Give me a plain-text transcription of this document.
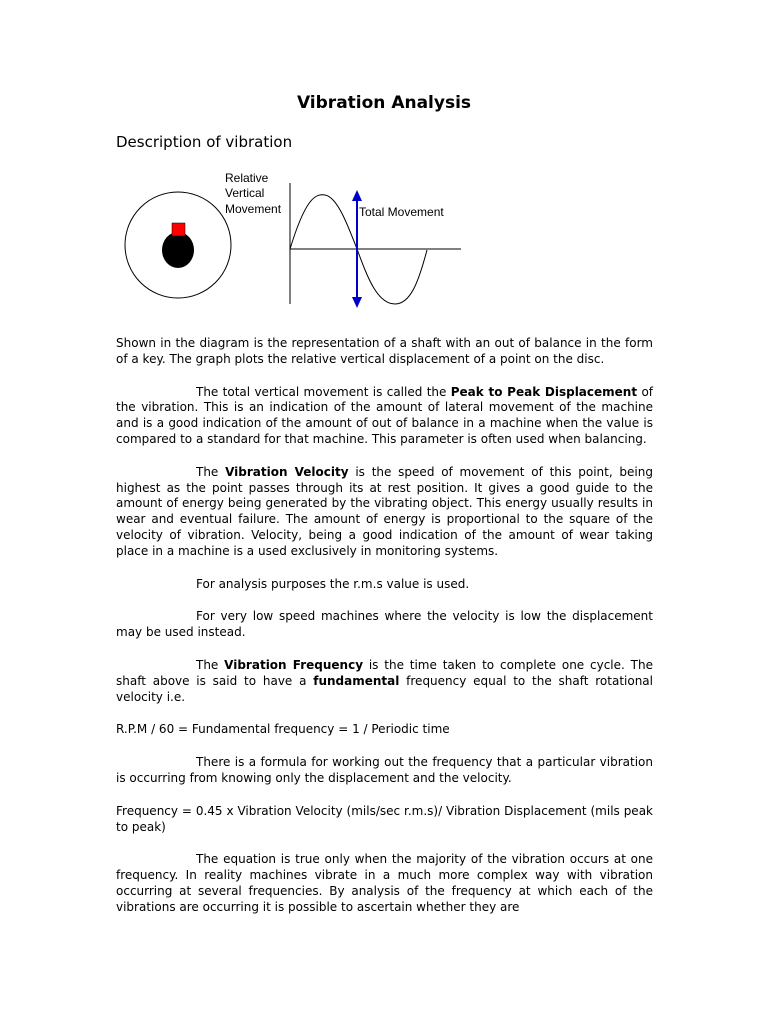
Vibration Analysis
Description of vibration
Relative
Vertical
Movement	Total Movement

Shown in the diagram is the representation of a shaft with an out of balance in the form of a key. The graph plots the relative vertical displacement of a point on the disc.

The total vertical movement is called the Peak to Peak Displacement of the vibration. This is an indication of the amount of lateral movement of the machine and is a good indication of the amount of out of balance in a machine when the value is compared to a standard for that machine. This parameter is often used when balancing.

The Vibration Velocity is the speed of movement of this point, being highest as the point passes through its at rest position. It gives a good guide to the amount of energy being generated by the vibrating object. This energy usually results in wear and eventual failure. The amount of energy is proportional to the square of the velocity of vibration. Velocity, being a good indication of the amount of wear taking place in a machine is a used exclusively in monitoring systems.

For analysis purposes the r.m.s value is used.

For very low speed machines where the velocity is low the displacement may be used instead.

The Vibration Frequency is the time taken to complete one cycle. The shaft above is said to have a fundamental frequency equal to the shaft rotational velocity i.e.

R.P.M / 60 = Fundamental frequency = 1 / Periodic time

There is a formula for working out the frequency that a particular vibration is occurring from knowing only the displacement and the velocity.

Frequency = 0.45 x Vibration Velocity (mils/sec r.m.s)/ Vibration Displacement (mils peak to peak)

The equation is true only when the majority of the vibration occurs at one frequency. In reality machines vibrate in a much more complex way with vibration occurring at several frequencies. By analysis of the frequency at which each of the vibrations are occurring it is possible to ascertain whether they are
